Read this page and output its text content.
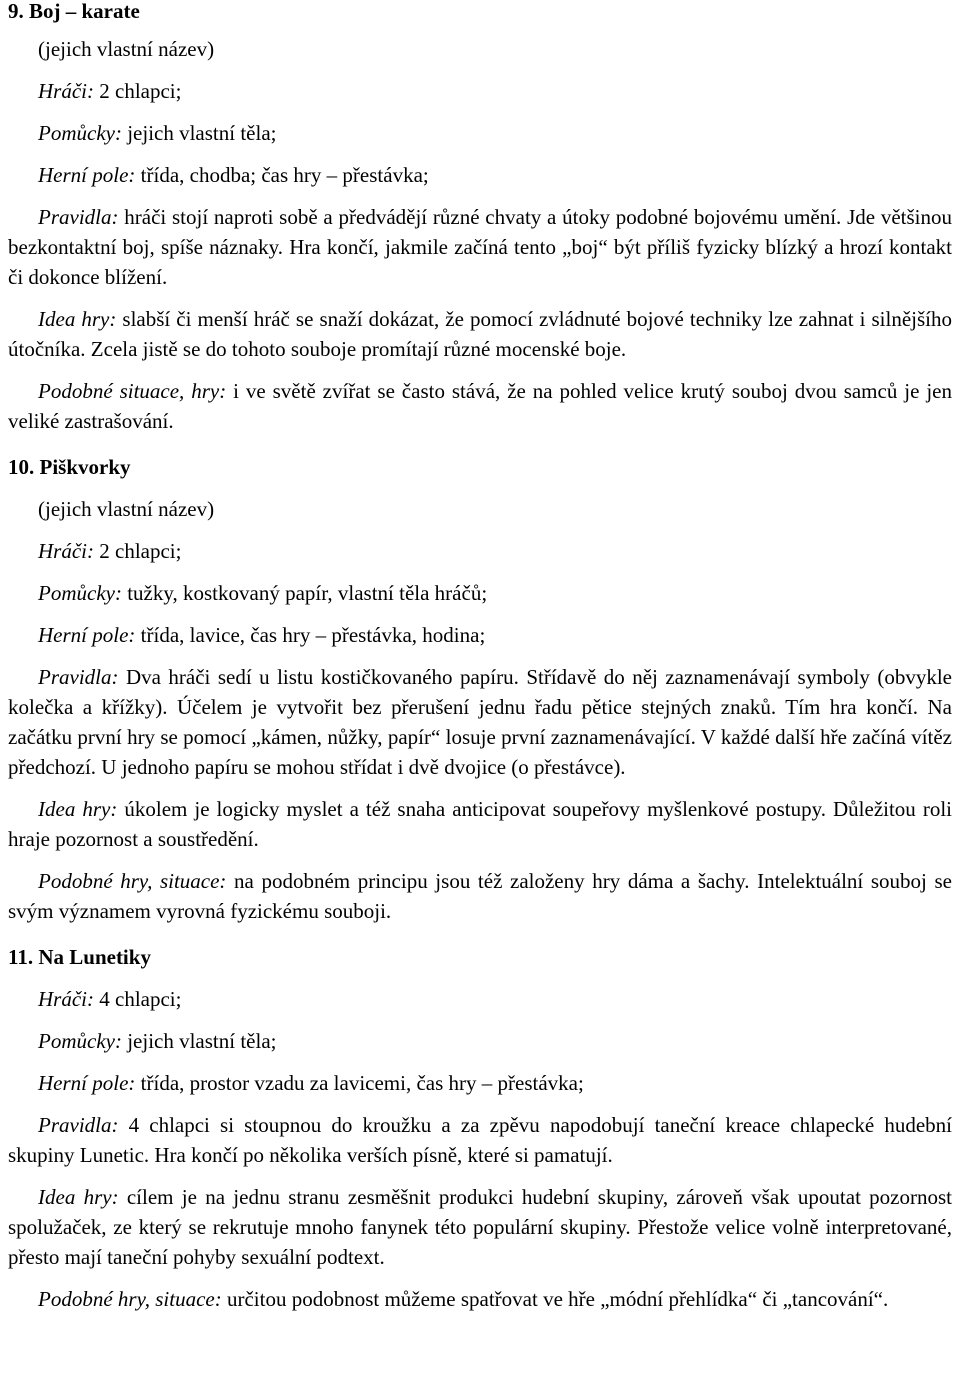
9. Boj – karate

(jejich vlastní název)

Hráči: 2 chlapci;

Pomůcky: jejich vlastní těla;

Herní pole: třída, chodba; čas hry – přestávka;

Pravidla: hráči stojí naproti sobě a předvádějí různé chvaty a útoky podobné bojovému umění. Jde většinou bezkontaktní boj, spíše náznaky. Hra končí, jakmile začíná tento „boj“ být příliš fyzicky blízký a hrozí kontakt či dokonce blížení.

Idea hry: slabší či menší hráč se snaží dokázat, že pomocí zvládnuté bojové techniky lze zahnat i silnějšího útočníka. Zcela jistě se do tohoto souboje promítají různé mocenské boje.

Podobné situace, hry: i ve světě zvířat se často stává, že na pohled velice krutý souboj dvou samců je jen veliké zastrašování.

10. Piškvorky

(jejich vlastní název)

Hráči: 2 chlapci;

Pomůcky: tužky, kostkovaný papír, vlastní těla hráčů;

Herní pole: třída, lavice, čas hry – přestávka, hodina;

Pravidla: Dva hráči sedí u listu kostičkovaného papíru. Střídavě do něj zaznamenávají symboly (obvykle kolečka a křížky). Účelem je vytvořit bez přerušení jednu řadu pětice stejných znaků. Tím hra končí. Na začátku první hry se pomocí „kámen, nůžky, papír“ losuje první zaznamenávající. V každé další hře začíná vítěz předchozí. U jednoho papíru se mohou střídat i dvě dvojice (o přestávce).

Idea hry: úkolem je logicky myslet a též snaha anticipovat soupeřovy myšlenkové postupy. Důležitou roli hraje pozornost a soustředění.

Podobné hry, situace: na podobném principu jsou též založeny hry dáma a šachy. Intelektuální souboj se svým významem vyrovná fyzickému souboji.

11. Na Lunetiky

Hráči: 4 chlapci;

Pomůcky: jejich vlastní těla;

Herní pole: třída, prostor vzadu za lavicemi, čas hry – přestávka;

Pravidla: 4 chlapci si stoupnou do kroužku a za zpěvu napodobují taneční kreace chlapecké hudební skupiny Lunetic. Hra končí po několika verších písně, které si pamatují.

Idea hry: cílem je na jednu stranu zesměšnit produkci hudební skupiny, zároveň však upoutat pozornost spolužaček, ze který se rekrutuje mnoho fanynek této populární skupiny. Přestože velice volně interpretované, přesto mají taneční pohyby sexuální podtext.

Podobné hry, situace: určitou podobnost můžeme spatřovat ve hře „módní přehlídka“ či „tancování“.
